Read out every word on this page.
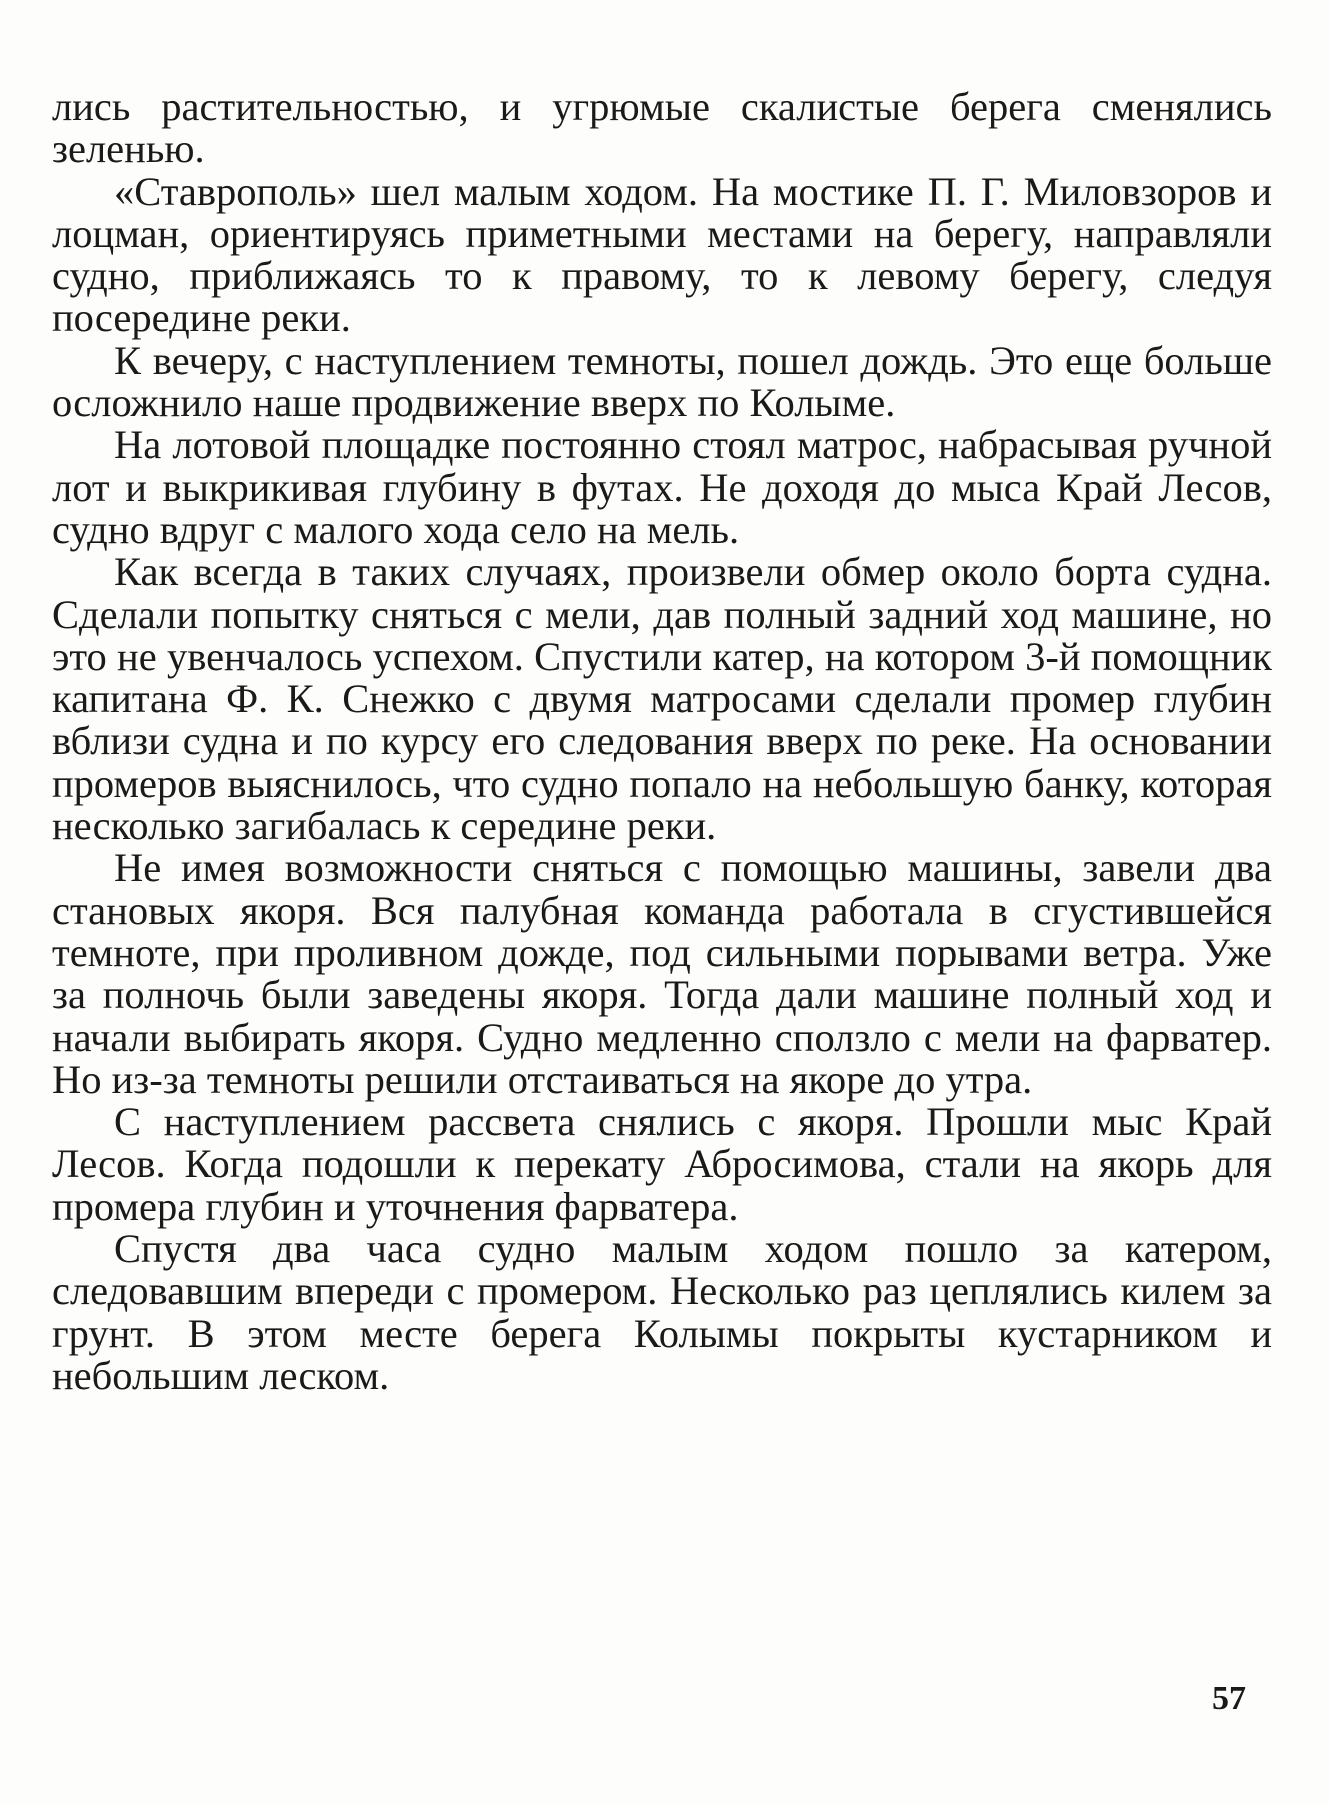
лись растительностью, и угрюмые скалистые берега сменялись зеленью.

«Ставрополь» шел малым ходом. На мостике П. Г. Миловзоров и лоцман, ориентируясь приметными местами на берегу, направляли судно, приближаясь то к правому, то к левому берегу, следуя посередине реки.

К вечеру, с наступлением темноты, пошел дождь. Это еще больше осложнило наше продвижение вверх по Колыме.

На лотовой площадке постоянно стоял матрос, набрасывая ручной лот и выкрикивая глубину в футах. Не доходя до мыса Край Лесов, судно вдруг с малого хода село на мель.

Как всегда в таких случаях, произвели обмер около борта судна. Сделали попытку сняться с мели, дав полный задний ход машине, но это не увенчалось успехом. Спустили катер, на котором 3-й помощник капитана Ф. К. Снежко с двумя матросами сделали промер глубин вблизи судна и по курсу его следования вверх по реке. На основании промеров выяснилось, что судно попало на небольшую банку, которая несколько загибалась к середине реки.

Не имея возможности сняться с помощью машины, завели два становых якоря. Вся палубная команда работала в сгустившейся темноте, при проливном дожде, под сильными порывами ветра. Уже за полночь были заведены якоря. Тогда дали машине полный ход и начали выбирать якоря. Судно медленно сползло с мели на фарватер. Но из-за темноты решили отстаиваться на якоре до утра.

С наступлением рассвета снялись с якоря. Прошли мыс Край Лесов. Когда подошли к перекату Абросимова, стали на якорь для промера глубин и уточнения фарватера.

Спустя два часа судно малым ходом пошло за катером, следовавшим впереди с промером. Несколько раз цеплялись килем за грунт. В этом месте берега Колымы покрыты кустарником и небольшим леском.

57
